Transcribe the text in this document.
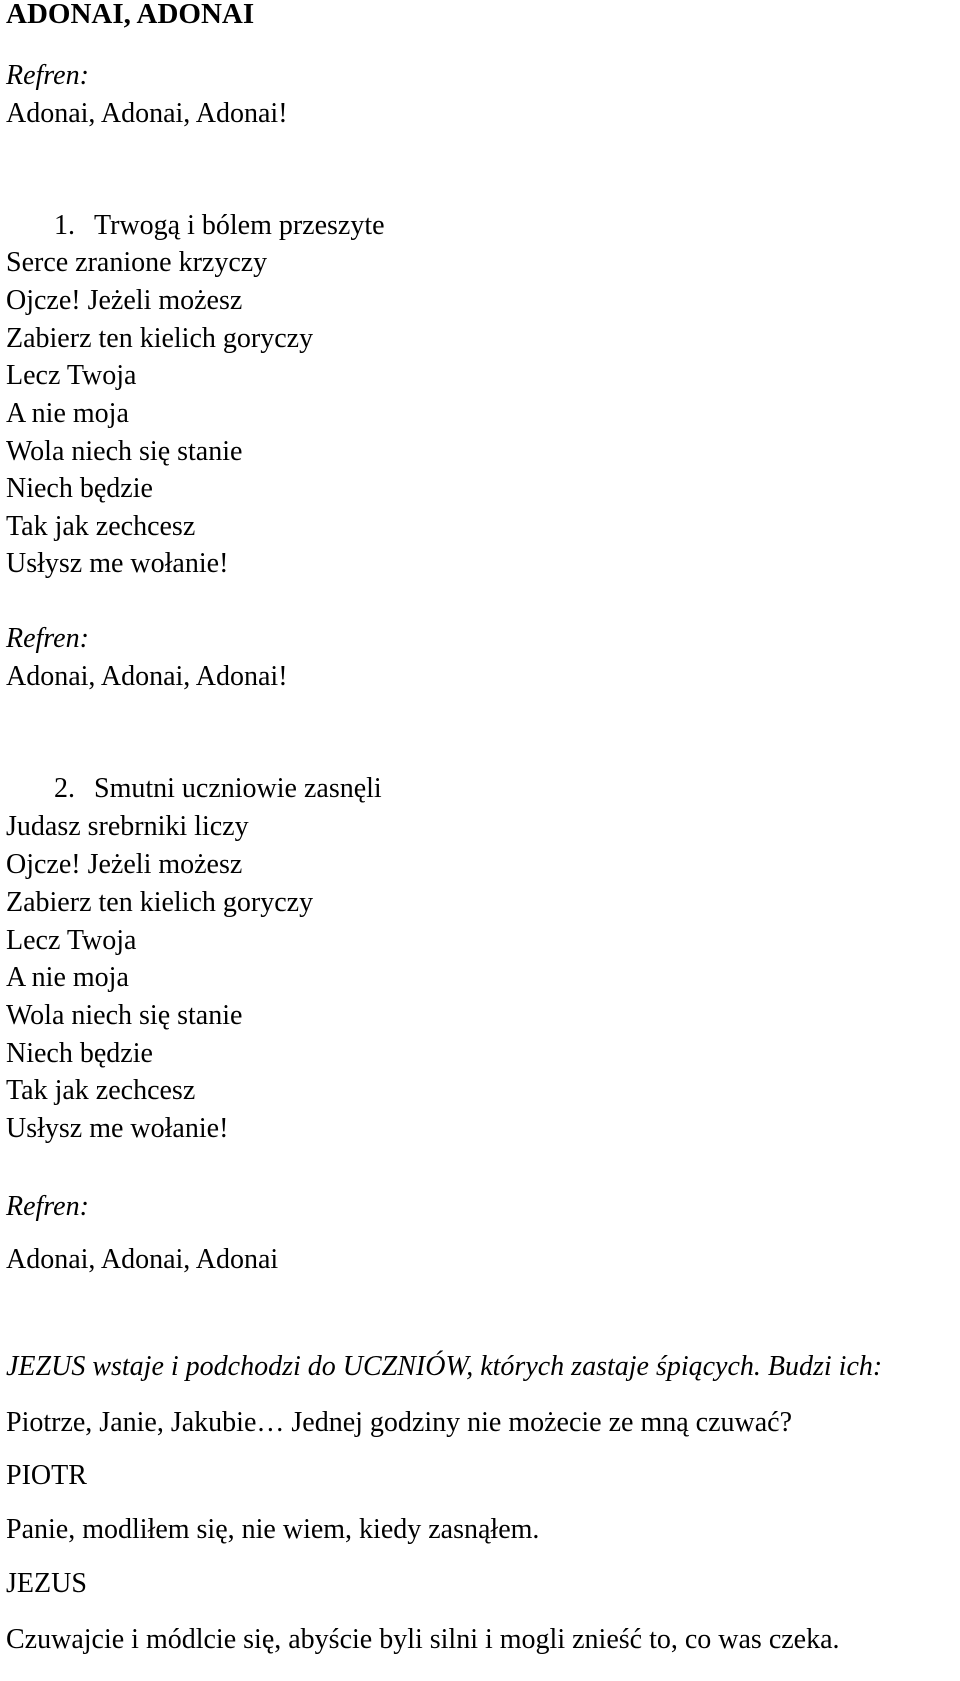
ADONAI, ADONAI
Refren:
Adonai, Adonai, Adonai!
1. Trwogą i bólem przeszyte
Serce zranione krzyczy
Ojcze! Jeżeli możesz
Zabierz ten kielich goryczy
Lecz Twoja
A nie moja
Wola niech się stanie
Niech będzie
Tak jak zechcesz
Usłysz me wołanie!
Refren:
Adonai, Adonai, Adonai!
2. Smutni uczniowie zasnęli
Judasz srebrniki liczy
Ojcze! Jeżeli możesz
Zabierz ten kielich goryczy
Lecz Twoja
A nie moja
Wola niech się stanie
Niech będzie
Tak jak zechcesz
Usłysz me wołanie!
Refren:
Adonai, Adonai, Adonai
JEZUS wstaje i podchodzi do UCZNIÓW, których zastaje śpiących. Budzi ich:
Piotrze, Janie, Jakubie… Jednej godziny nie możecie ze mną czuwać?
PIOTR
Panie, modliłem się, nie wiem, kiedy zasnąłem.
JEZUS
Czuwajcie i módlcie się, abyście byli silni i mogli znieść to, co was czeka.
